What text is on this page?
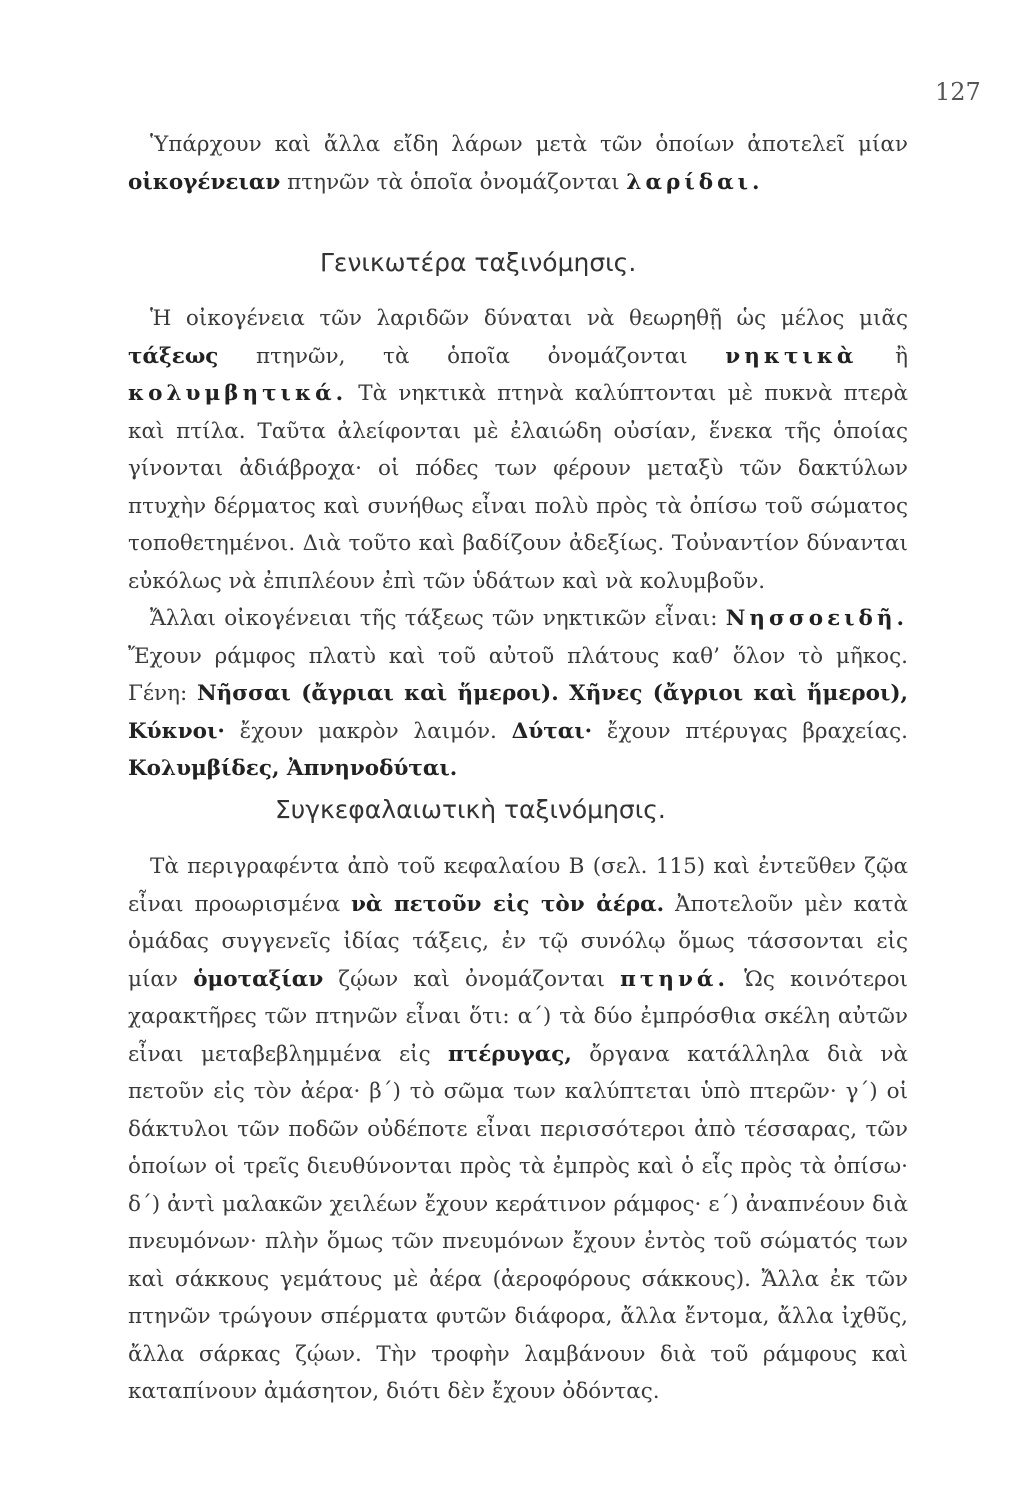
127

Ὑπάρχουν καὶ ἄλλα εἴδη λάρων μετὰ τῶν ὁποίων ἀποτελεῖ μίαν οἰκογένειαν πτηνῶν τὰ ὁποῖα ὀνομάζονται λαρίδαι.

Γενικωτέρα ταξινόμησις.

Ἡ οἰκογένεια τῶν λαριδῶν δύναται νὰ θεωρηθῇ ὡς μέλος μιᾶς τάξεως πτηνῶν, τὰ ὁποῖα ὀνομάζονται νηκτικὰ ἢ κολυμβητικά. Τὰ νηκτικὰ πτηνὰ καλύπτονται μὲ πυκνὰ πτερὰ καὶ πτίλα. Ταῦτα ἀλείφονται μὲ ἐλαιώδη οὐσίαν, ἕνεκα τῆς ὁποίας γίνονται ἀδιάβροχα· οἱ πόδες των φέρουν μεταξὺ τῶν δακτύλων πτυχὴν δέρματος καὶ συνήθως εἶναι πολὺ πρὸς τὰ ὀπίσω τοῦ σώματος τοποθετημένοι. Διὰ τοῦτο καὶ βαδίζουν ἀδεξίως. Τοὐναντίον δύνανται εὐκόλως νὰ ἐπιπλέουν ἐπὶ τῶν ὑδάτων καὶ νὰ κολυμβοῦν.
Ἄλλαι οἰκογένειαι τῆς τάξεως τῶν νηκτικῶν εἶναι: Νησσοειδῆ. Ἔχουν ράμφος πλατὺ καὶ τοῦ αὐτοῦ πλάτους καθ’ ὅλον τὸ μῆκος. Γένη: Νῆσσαι (ἄγριαι καὶ ἥμεροι). Χῆνες (ἄγριοι καὶ ἥμεροι), Κύκνοι· ἔχουν μακρὸν λαιμόν. Δύται· ἔχουν πτέρυγας βραχείας. Κολυμβίδες, Ἀπνηνοδύται.

Συγκεφαλαιωτικὴ ταξινόμησις.

Τὰ περιγραφέντα ἀπὸ τοῦ κεφαλαίου Β (σελ. 115) καὶ ἐντεῦθεν ζῷα εἶναι προωρισμένα νὰ πετοῦν εἰς τὸν ἀέρα. Ἀποτελοῦν μὲν κατὰ ὁμάδας συγγενεῖς ἰδίας τάξεις, ἐν τῷ συνόλῳ ὅμως τάσσονται εἰς μίαν ὁμοταξίαν ζῴων καὶ ὀνομάζονται πτηνά. Ὡς κοινότεροι χαρακτῆρες τῶν πτηνῶν εἶναι ὅτι: α΄) τὰ δύο ἐμπρόσθια σκέλη αὐτῶν εἶναι μεταβεβλημμένα εἰς πτέρυγας, ὄργανα κατάλληλα διὰ νὰ πετοῦν εἰς τὸν ἀέρα· β΄) τὸ σῶμα των καλύπτεται ὑπὸ πτερῶν· γ΄) οἱ δάκτυλοι τῶν ποδῶν οὐδέποτε εἶναι περισσότεροι ἀπὸ τέσσαρας, τῶν ὁποίων οἱ τρεῖς διευθύνονται πρὸς τὰ ἐμπρὸς καὶ ὁ εἷς πρὸς τὰ ὀπίσω· δ΄) ἀντὶ μαλακῶν χειλέων ἔχουν κεράτινον ράμφος· ε΄) ἀναπνέουν διὰ πνευμόνων· πλὴν ὅμως τῶν πνευμόνων ἔχουν ἐντὸς τοῦ σώματός των καὶ σάκκους γεμάτους μὲ ἀέρα (ἀεροφόρους σάκκους). Ἄλλα ἐκ τῶν πτηνῶν τρώγουν σπέρματα φυτῶν διάφορα, ἄλλα ἔντομα, ἄλλα ἰχθῦς, ἄλλα σάρκας ζῴων. Τὴν τροφὴν λαμβάνουν διὰ τοῦ ράμφους καὶ καταπίνουν ἀμάσητον, διότι δὲν ἔχουν ὀδόντας.
